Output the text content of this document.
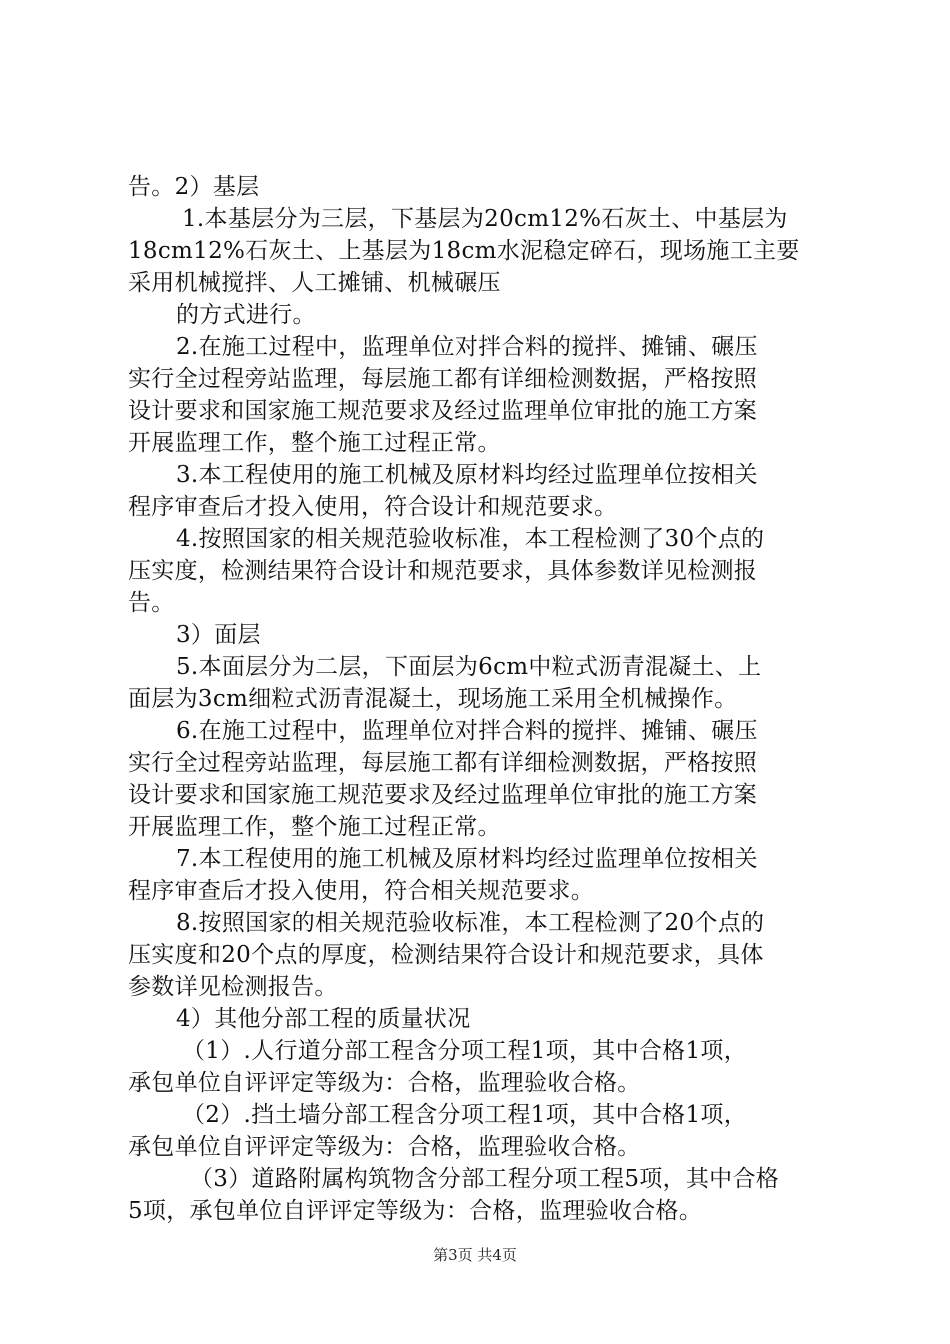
告。2）基层
1.本基层分为三层，下基层为20cm12%石灰土、中基层为
18cm12%石灰土、上基层为18cm水泥稳定碎石，现场施工主要
采用机械搅拌、人工摊铺、机械碾压
的方式进行。
2.在施工过程中，监理单位对拌合料的搅拌、摊铺、碾压
实行全过程旁站监理，每层施工都有详细检测数据，严格按照
设计要求和国家施工规范要求及经过监理单位审批的施工方案
开展监理工作，整个施工过程正常。
3.本工程使用的施工机械及原材料均经过监理单位按相关
程序审查后才投入使用，符合设计和规范要求。
4.按照国家的相关规范验收标准，本工程检测了30个点的
压实度，检测结果符合设计和规范要求，具体参数详见检测报
告。
3）面层
5.本面层分为二层，下面层为6cm中粒式沥青混凝土、上
面层为3cm细粒式沥青混凝土，现场施工采用全机械操作。
6.在施工过程中，监理单位对拌合料的搅拌、摊铺、碾压
实行全过程旁站监理，每层施工都有详细检测数据，严格按照
设计要求和国家施工规范要求及经过监理单位审批的施工方案
开展监理工作，整个施工过程正常。
7.本工程使用的施工机械及原材料均经过监理单位按相关
程序审查后才投入使用，符合相关规范要求。
8.按照国家的相关规范验收标准，本工程检测了20个点的
压实度和20个点的厚度，检测结果符合设计和规范要求，具体
参数详见检测报告。
4）其他分部工程的质量状况
（1）.人行道分部工程含分项工程1项，其中合格1项，
承包单位自评评定等级为：合格，监理验收合格。
（2）.挡土墙分部工程含分项工程1项，其中合格1项，
承包单位自评评定等级为：合格，监理验收合格。
（3）道路附属构筑物含分部工程分项工程5项，其中合格
5项，承包单位自评评定等级为：合格，监理验收合格。
第3页 共4页
